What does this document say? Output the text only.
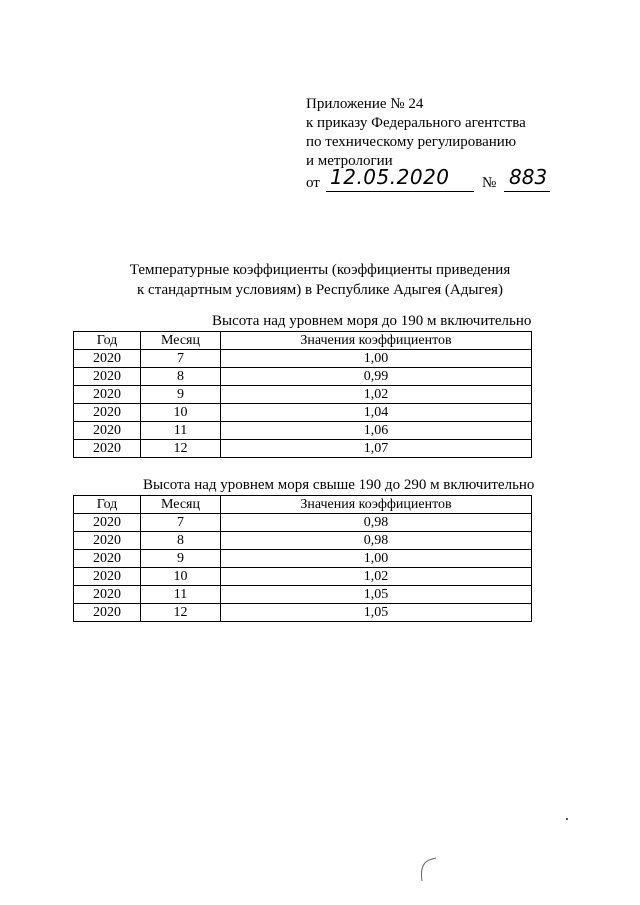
Приложение № 24
к приказу Федерального агентства
по техническому регулированию
и метрологии
от 12.05.2020 № 883
Температурные коэффициенты (коэффициенты приведения
к стандартным условиям) в Республике Адыгея (Адыгея)
Высота над уровнем моря до 190 м включительно
Год	Месяц	Значения коэффициентов
2020	7	1,00
2020	8	0,99
2020	9	1,02
2020	10	1,04
2020	11	1,06
2020	12	1,07
Высота над уровнем моря свыше 190 до 290 м включительно
Год	Месяц	Значения коэффициентов
2020	7	0,98
2020	8	0,98
2020	9	1,00
2020	10	1,02
2020	11	1,05
2020	12	1,05
